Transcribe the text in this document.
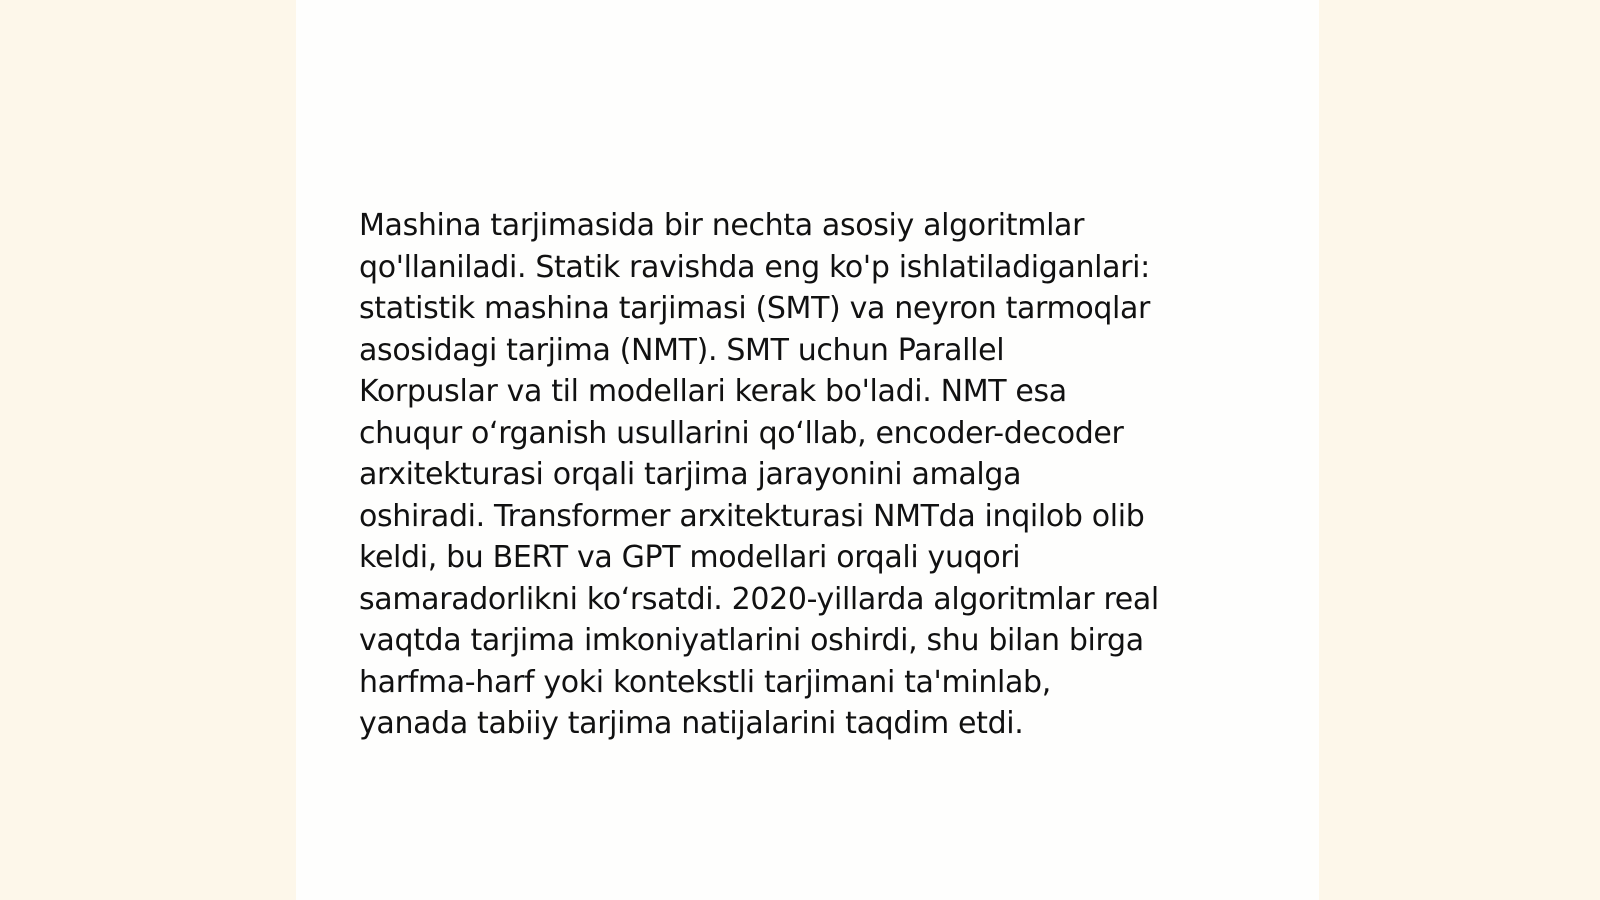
Mashina tarjimasida bir nechta asosiy algoritmlar
qo'llaniladi. Statik ravishda eng ko'p ishlatiladiganlari:
statistik mashina tarjimasi (SMT) va neyron tarmoqlar
asosidagi tarjima (NMT). SMT uchun Parallel
Korpuslar va til modellari kerak bo'ladi. NMT esa
chuqur o‘rganish usullarini qo‘llab, encoder-decoder
arxitekturasi orqali tarjima jarayonini amalga
oshiradi. Transformer arxitekturasi NMTda inqilob olib
keldi, bu BERT va GPT modellari orqali yuqori
samaradorlikni ko‘rsatdi. 2020-yillarda algoritmlar real
vaqtda tarjima imkoniyatlarini oshirdi, shu bilan birga
harfma-harf yoki kontekstli tarjimani ta'minlab,
yanada tabiiy tarjima natijalarini taqdim etdi.
